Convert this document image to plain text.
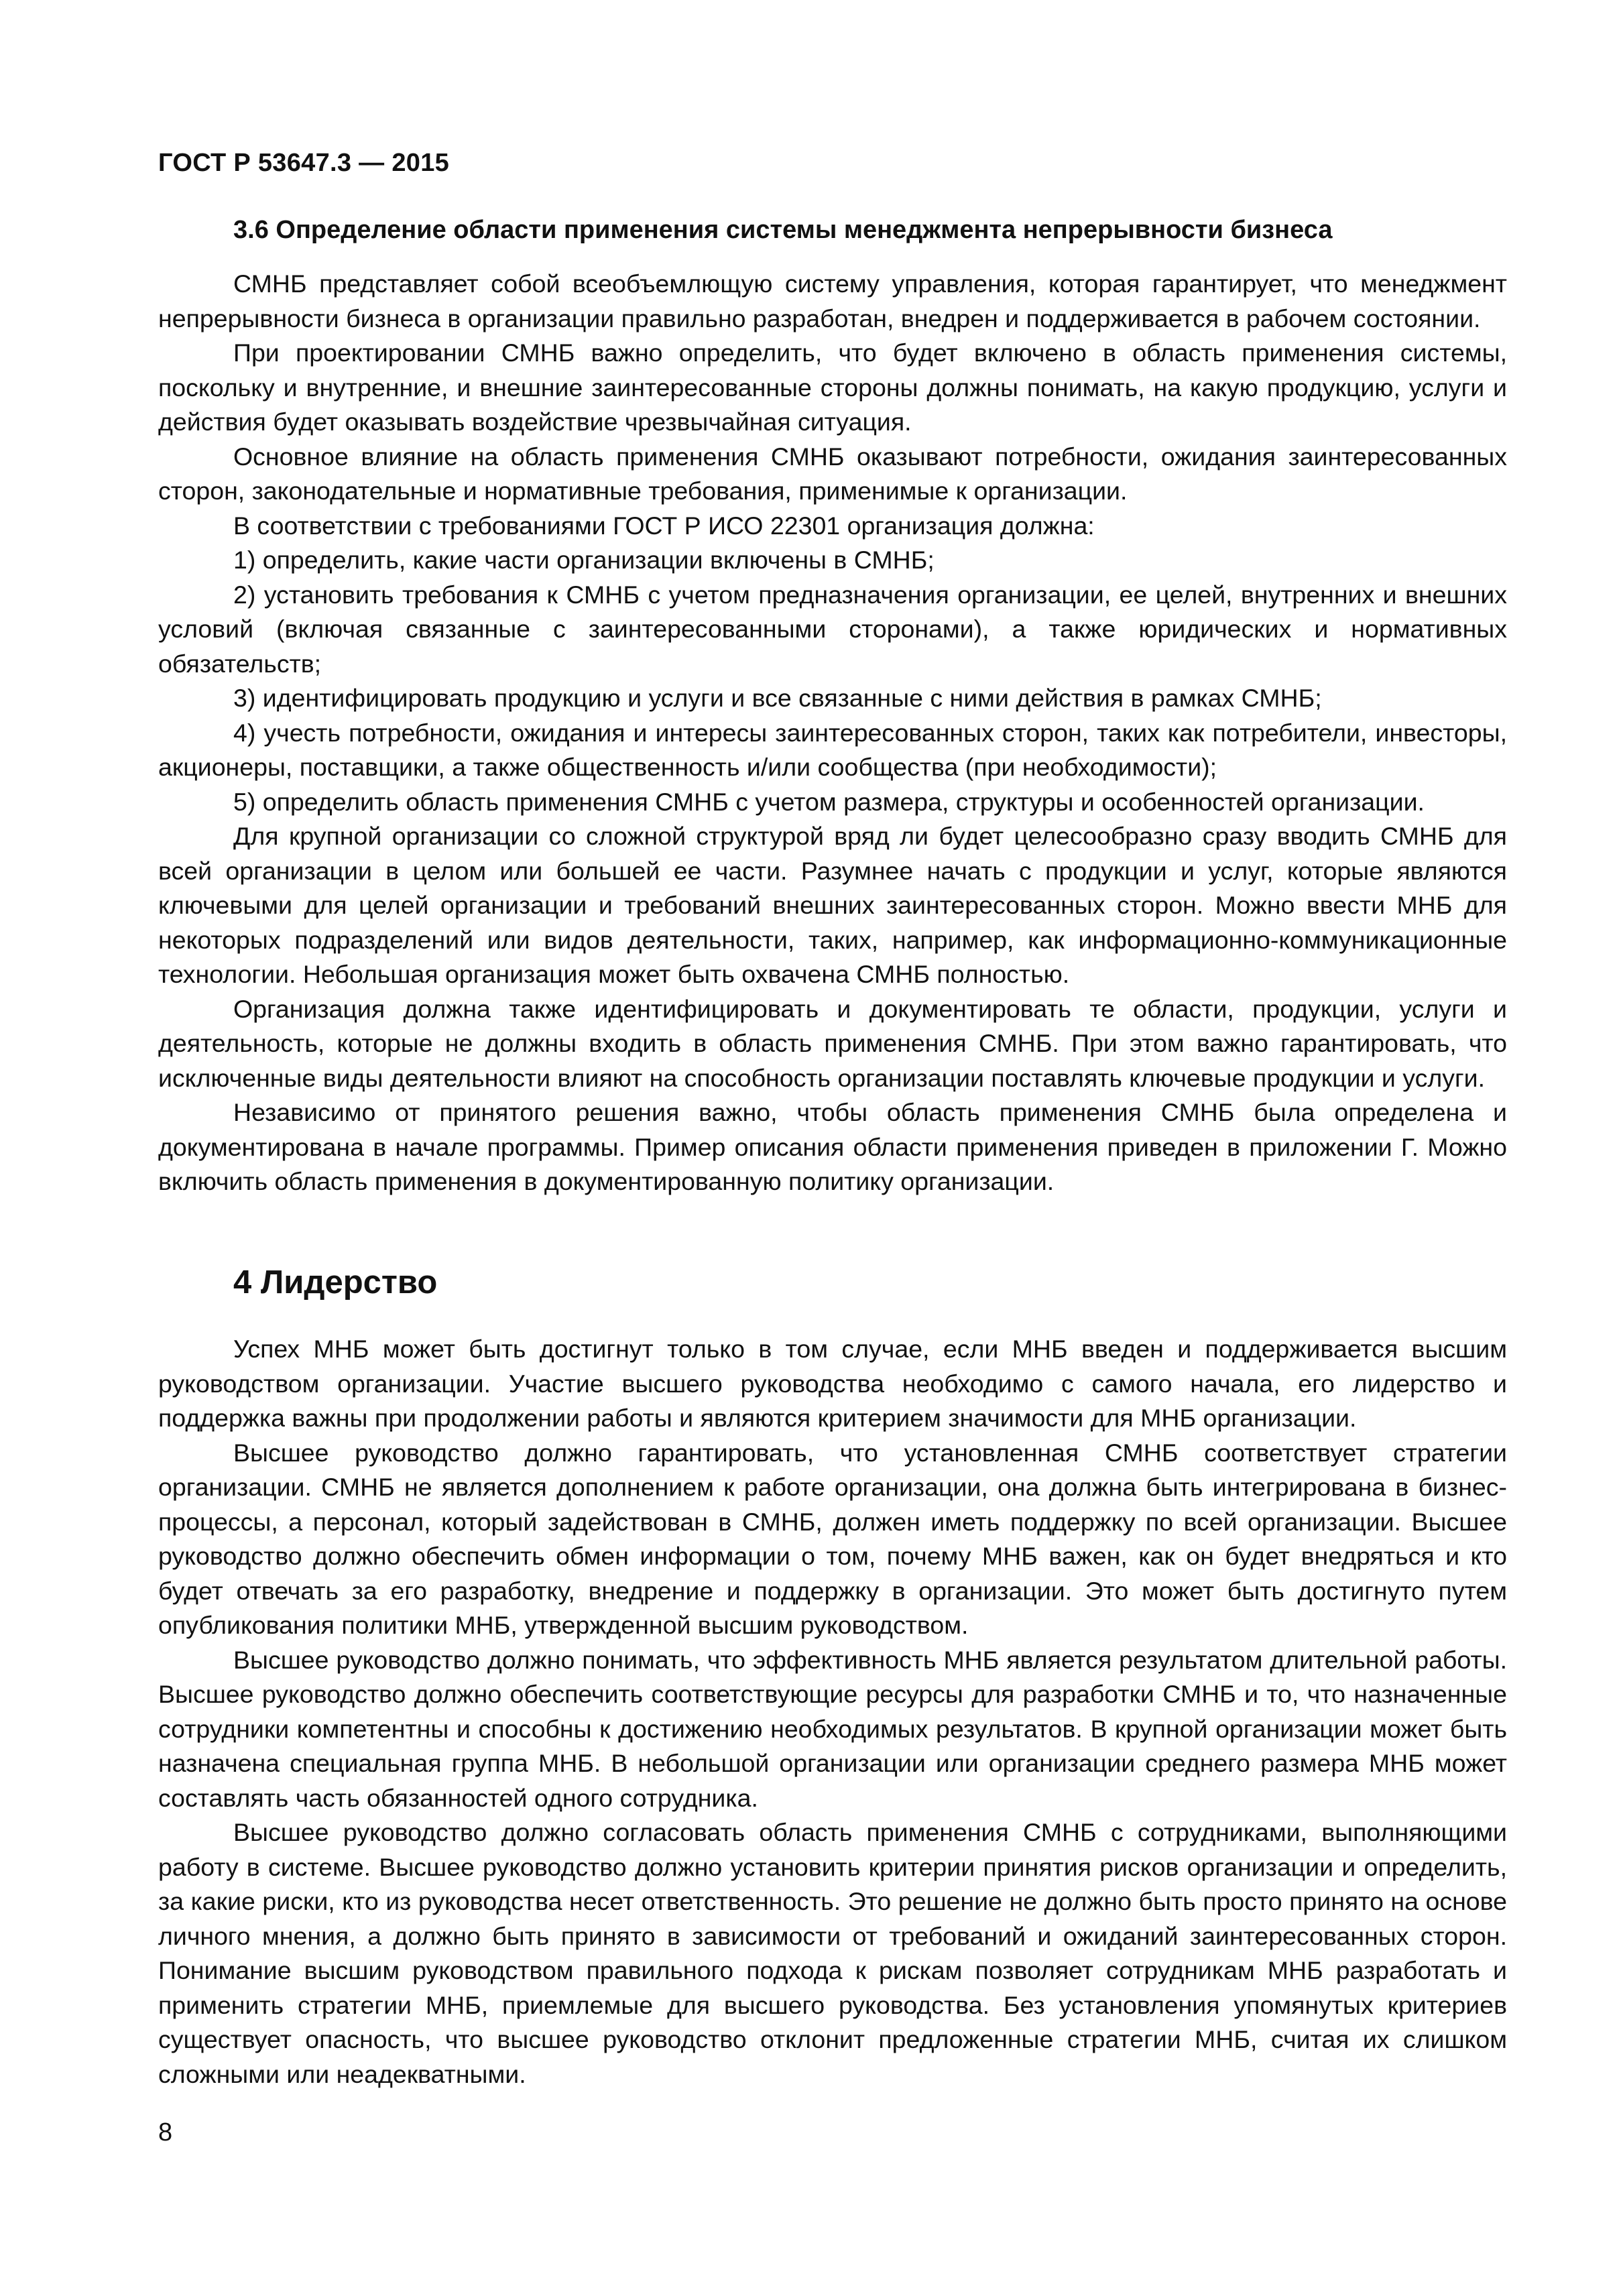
ГОСТ Р 53647.3 — 2015
3.6 Определение области применения системы менеджмента непрерывности бизнеса

СМНБ представляет собой всеобъемлющую систему управления, которая гарантирует, что менеджмент непрерывности бизнеса в организации правильно разработан, внедрен и поддерживается в рабочем состоянии.

При проектировании СМНБ важно определить, что будет включено в область применения системы, поскольку и внутренние, и внешние заинтересованные стороны должны понимать, на какую продукцию, услуги и действия будет оказывать воздействие чрезвычайная ситуация.

Основное влияние на область применения СМНБ оказывают потребности, ожидания заинтересованных сторон, законодательные и нормативные требования, применимые к организации.

В соответствии с требованиями ГОСТ Р ИСО 22301 организация должна:

1) определить, какие части организации включены в СМНБ;

2) установить требования к СМНБ с учетом предназначения организации, ее целей, внутренних и внешних условий (включая связанные с заинтересованными сторонами), а также юридических и нормативных обязательств;

3) идентифицировать продукцию и услуги и все связанные с ними действия в рамках СМНБ;

4) учесть потребности, ожидания и интересы заинтересованных сторон, таких как потребители, инвесторы, акционеры, поставщики, а также общественность и/или сообщества (при необходимости);

5) определить область применения СМНБ с учетом размера, структуры и особенностей организации.

Для крупной организации со сложной структурой вряд ли будет целесообразно сразу вводить СМНБ для всей организации в целом или большей ее части. Разумнее начать с продукции и услуг, которые являются ключевыми для целей организации и требований внешних заинтересованных сторон. Можно ввести МНБ для некоторых подразделений или видов деятельности, таких, например, как информационно-коммуникационные технологии. Небольшая организация может быть охвачена СМНБ полностью.

Организация должна также идентифицировать и документировать те области, продукции, услуги и деятельность, которые не должны входить в область применения СМНБ. При этом важно гарантировать, что исключенные виды деятельности влияют на способность организации поставлять ключевые продукции и услуги.

Независимо от принятого решения важно, чтобы область применения СМНБ была определена и документирована в начале программы. Пример описания области применения приведен в приложении Г. Можно включить область применения в документированную политику организации.

4 Лидерство

Успех МНБ может быть достигнут только в том случае, если МНБ введен и поддерживается высшим руководством организации. Участие высшего руководства необходимо с самого начала, его лидерство и поддержка важны при продолжении работы и являются критерием значимости для МНБ организации.

Высшее руководство должно гарантировать, что установленная СМНБ соответствует стратегии организации. СМНБ не является дополнением к работе организации, она должна быть интегрирована в бизнес-процессы, а персонал, который задействован в СМНБ, должен иметь поддержку по всей организации. Высшее руководство должно обеспечить обмен информации о том, почему МНБ важен, как он будет внедряться и кто будет отвечать за его разработку, внедрение и поддержку в организации. Это может быть достигнуто путем опубликования политики МНБ, утвержденной высшим руководством.

Высшее руководство должно понимать, что эффективность МНБ является результатом длительной работы. Высшее руководство должно обеспечить соответствующие ресурсы для разработки СМНБ и то, что назначенные сотрудники компетентны и способны к достижению необходимых результатов. В крупной организации может быть назначена специальная группа МНБ. В небольшой организации или организации среднего размера МНБ может составлять часть обязанностей одного сотрудника.

Высшее руководство должно согласовать область применения СМНБ с сотрудниками, выполняющими работу в системе. Высшее руководство должно установить критерии принятия рисков организации и определить, за какие риски, кто из руководства несет ответственность. Это решение не должно быть просто принято на основе личного мнения, а должно быть принято в зависимости от требований и ожиданий заинтересованных сторон. Понимание высшим руководством правильного подхода к рискам позволяет сотрудникам МНБ разработать и применить стратегии МНБ, приемлемые для высшего руководства. Без установления упомянутых критериев существует опасность, что высшее руководство отклонит предложенные стратегии МНБ, считая их слишком сложными или неадекватными.

8
